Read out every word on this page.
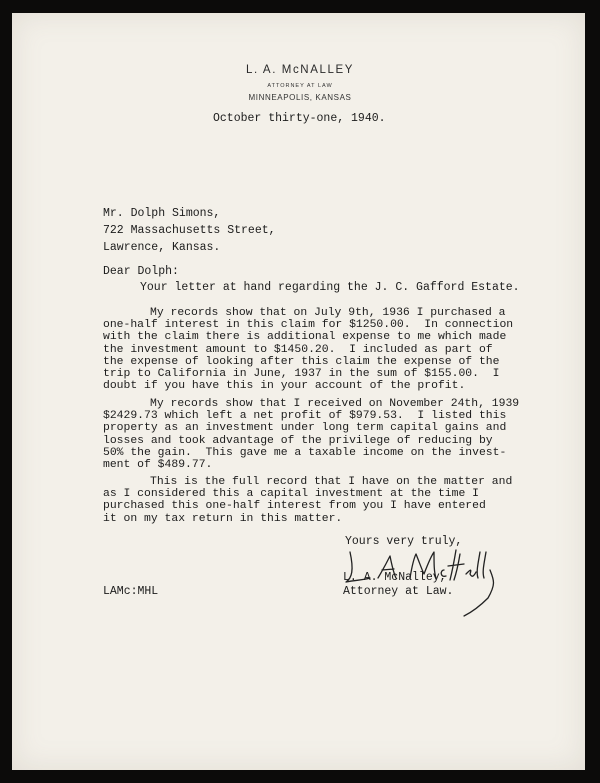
L. A. McNALLEY
ATTORNEY AT LAW
MINNEAPOLIS, KANSAS
October thirty-one, 1940.
Mr. Dolph Simons,
722 Massachusetts Street,
Lawrence, Kansas.
Dear Dolph:
Your letter at hand regarding the J. C. Gafford Estate.
My records show that on July 9th, 1936 I purchased a
one-half interest in this claim for $1250.00.  In connection
with the claim there is additional expense to me which made
the investment amount to $1450.20.  I included as part of
the expense of looking after this claim the expense of the
trip to California in June, 1937 in the sum of $155.00.  I
doubt if you have this in your account of the profit.
My records show that I received on November 24th, 1939
$2429.73 which left a net profit of $979.53.  I listed this
property as an investment under long term capital gains and
losses and took advantage of the privilege of reducing by
50% the gain.  This gave me a taxable income on the invest-
ment of $489.77.
This is the full record that I have on the matter and
as I considered this a capital investment at the time I
purchased this one-half interest from you I have entered
it on my tax return in this matter.
Yours very truly,
L. A. McNalley,
Attorney at Law.
LAMc:MHL
